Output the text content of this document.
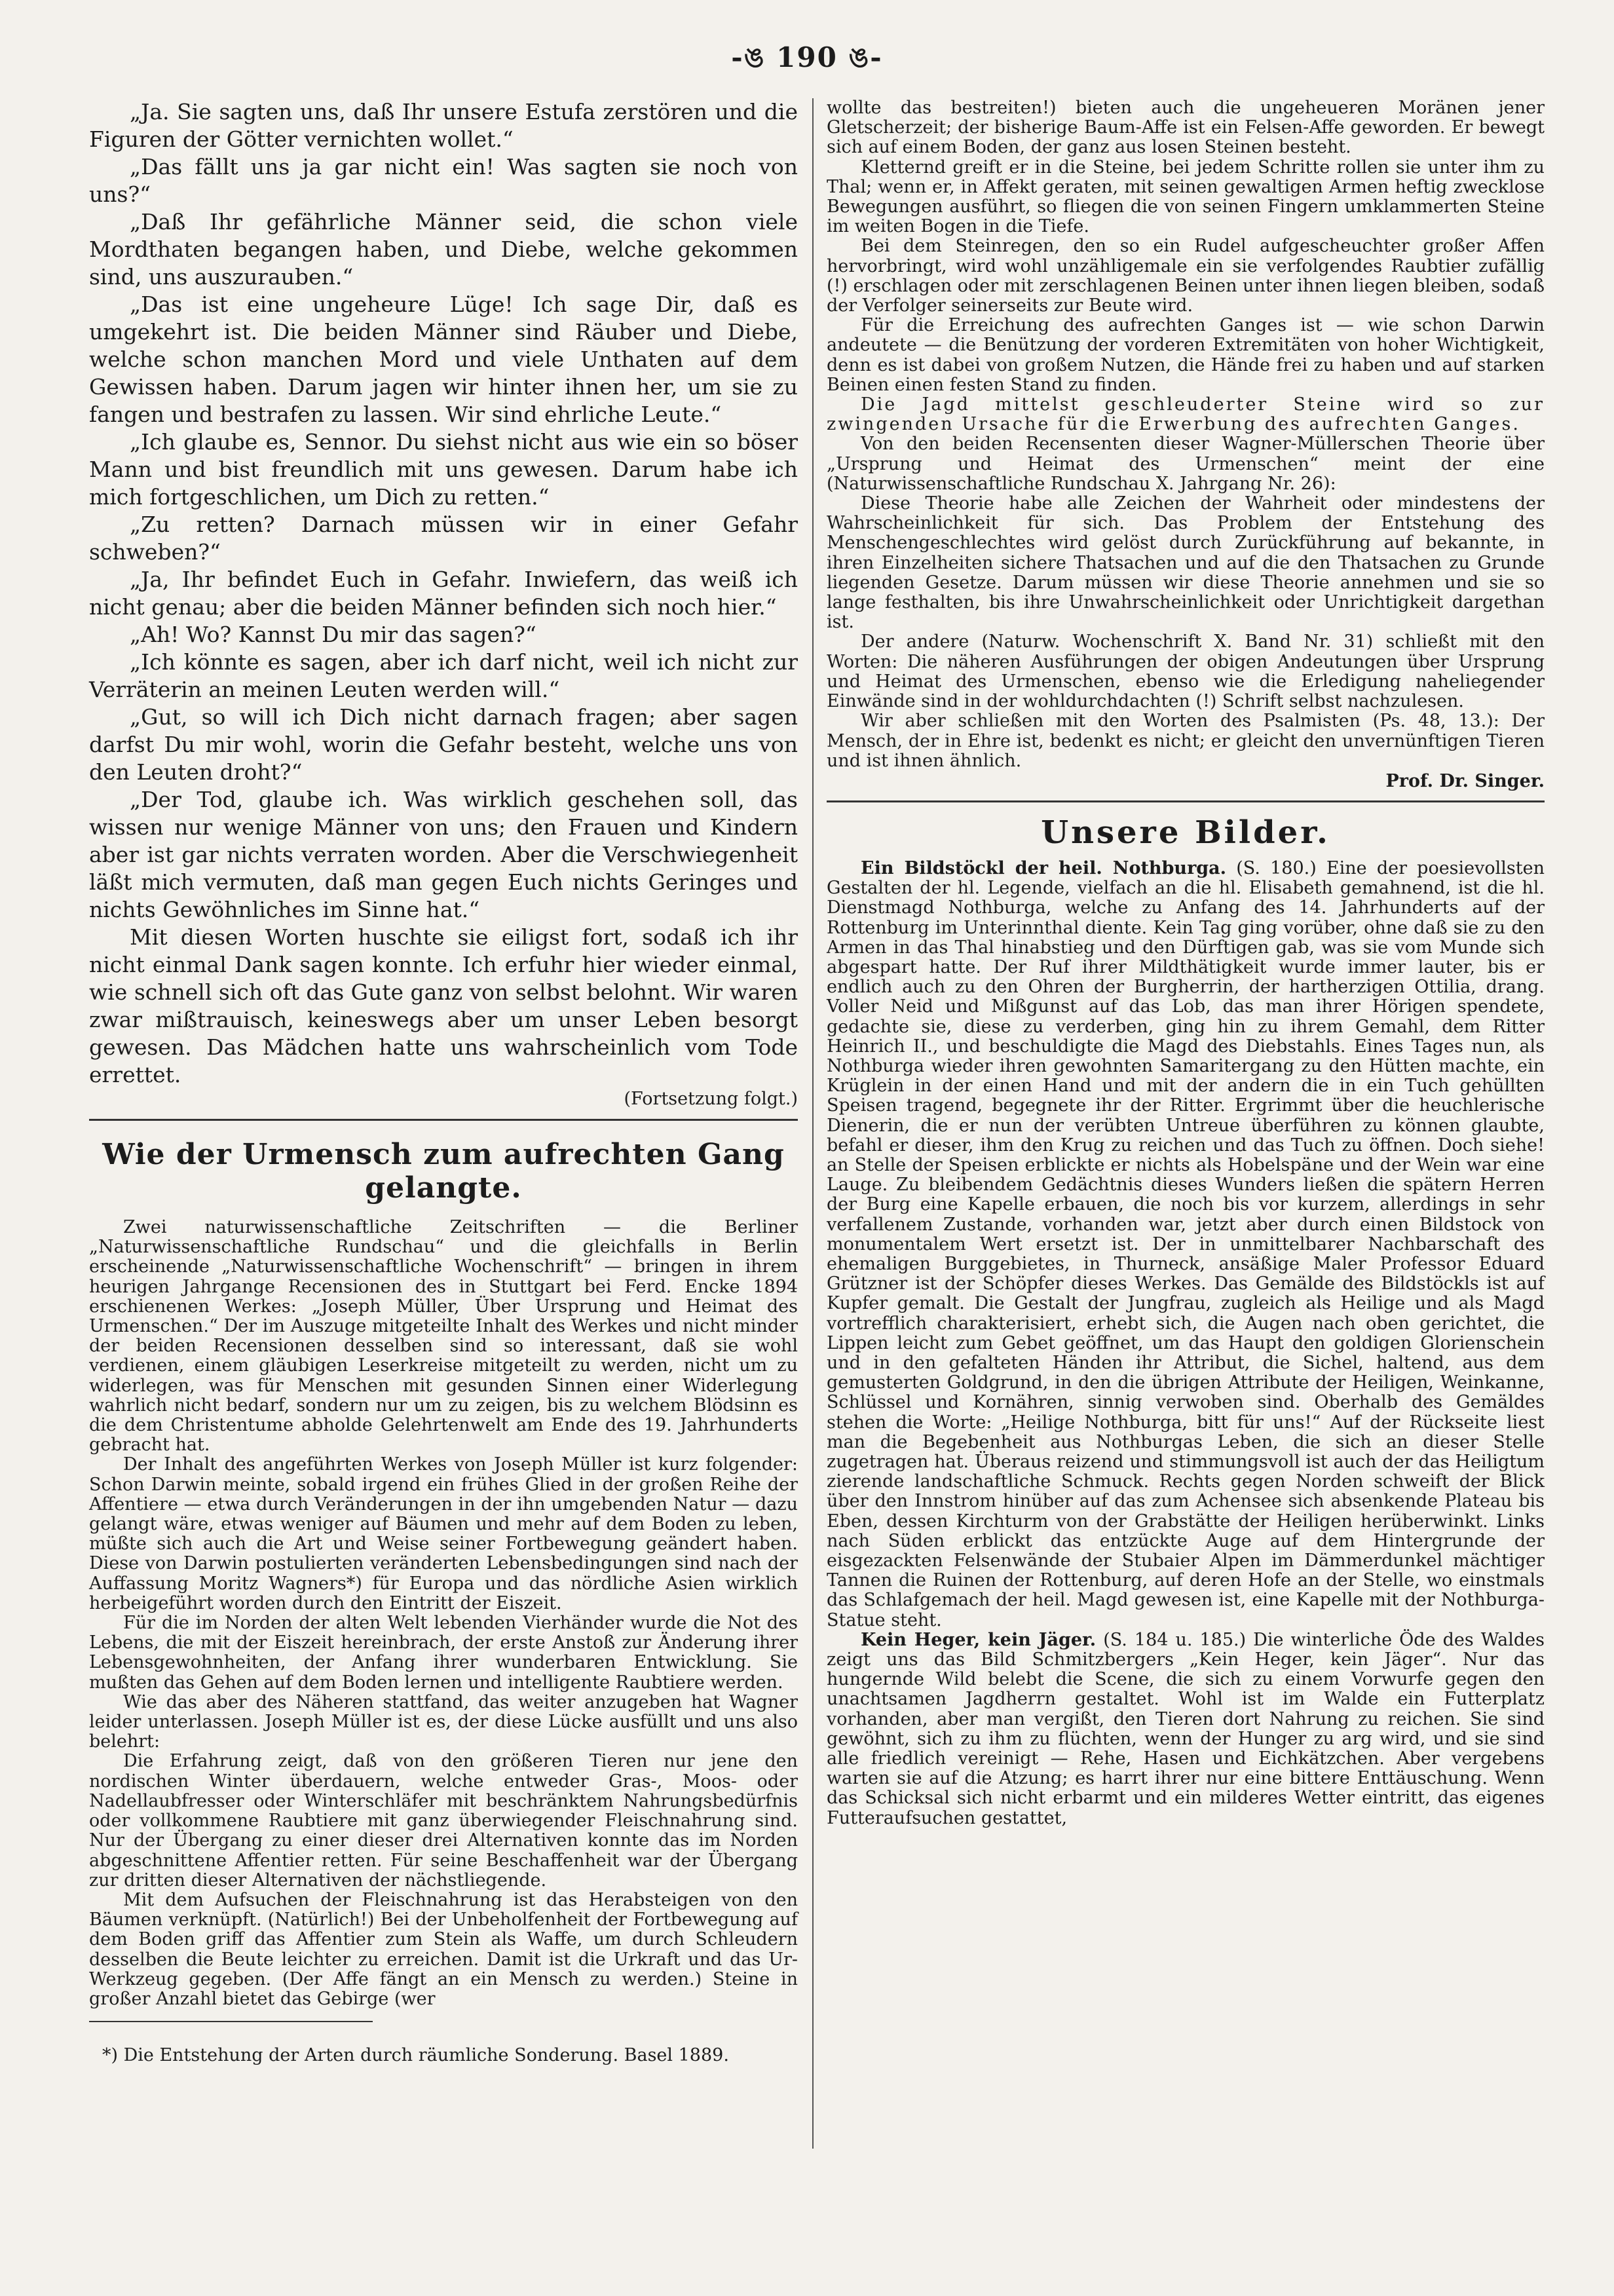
-ঙ 190 ঙ-

„Ja. Sie sagten uns, daß Ihr unsere Estufa zerstören und die Figuren der Götter vernichten wollet.“

„Das fällt uns ja gar nicht ein! Was sagten sie noch von uns?“

„Daß Ihr gefährliche Männer seid, die schon viele Mordthaten begangen haben, und Diebe, welche gekommen sind, uns auszurauben.“

„Das ist eine ungeheure Lüge! Ich sage Dir, daß es umgekehrt ist. Die beiden Männer sind Räuber und Diebe, welche schon manchen Mord und viele Unthaten auf dem Gewissen haben. Darum jagen wir hinter ihnen her, um sie zu fangen und bestrafen zu lassen. Wir sind ehrliche Leute.“

„Ich glaube es, Sennor. Du siehst nicht aus wie ein so böser Mann und bist freundlich mit uns gewesen. Darum habe ich mich fortgeschlichen, um Dich zu retten.“

„Zu retten? Darnach müssen wir in einer Gefahr schweben?“

„Ja, Ihr befindet Euch in Gefahr. Inwiefern, das weiß ich nicht genau; aber die beiden Männer befinden sich noch hier.“

„Ah! Wo? Kannst Du mir das sagen?“

„Ich könnte es sagen, aber ich darf nicht, weil ich nicht zur Verräterin an meinen Leuten werden will.“

„Gut, so will ich Dich nicht darnach fragen; aber sagen darfst Du mir wohl, worin die Gefahr besteht, welche uns von den Leuten droht?“

„Der Tod, glaube ich. Was wirklich geschehen soll, das wissen nur wenige Männer von uns; den Frauen und Kindern aber ist gar nichts verraten worden. Aber die Verschwiegenheit läßt mich vermuten, daß man gegen Euch nichts Geringes und nichts Gewöhnliches im Sinne hat.“

Mit diesen Worten huschte sie eiligst fort, sodaß ich ihr nicht einmal Dank sagen konnte. Ich erfuhr hier wieder einmal, wie schnell sich oft das Gute ganz von selbst belohnt. Wir waren zwar mißtrauisch, keineswegs aber um unser Leben besorgt gewesen. Das Mädchen hatte uns wahrscheinlich vom Tode errettet.

(Fortsetzung folgt.)
Wie der Urmensch zum aufrechten Gang gelangte.

Zwei naturwissenschaftliche Zeitschriften — die Berliner „Naturwissenschaftliche Rundschau“ und die gleichfalls in Berlin erscheinende „Naturwissenschaftliche Wochenschrift“ — bringen in ihrem heurigen Jahrgange Recensionen des in Stuttgart bei Ferd. Encke 1894 erschienenen Werkes: „Joseph Müller, Über Ursprung und Heimat des Urmenschen.“ Der im Auszuge mitgeteilte Inhalt des Werkes und nicht minder der beiden Recensionen desselben sind so interessant, daß sie wohl verdienen, einem gläubigen Leserkreise mitgeteilt zu werden, nicht um zu widerlegen, was für Menschen mit gesunden Sinnen einer Widerlegung wahrlich nicht bedarf, sondern nur um zu zeigen, bis zu welchem Blödsinn es die dem Christentume abholde Gelehrtenwelt am Ende des 19. Jahrhunderts gebracht hat.

Der Inhalt des angeführten Werkes von Joseph Müller ist kurz folgender: Schon Darwin meinte, sobald irgend ein frühes Glied in der großen Reihe der Affentiere — etwa durch Veränderungen in der ihn umgebenden Natur — dazu gelangt wäre, etwas weniger auf Bäumen und mehr auf dem Boden zu leben, müßte sich auch die Art und Weise seiner Fortbewegung geändert haben. Diese von Darwin postulierten veränderten Lebensbedingungen sind nach der Auffassung Moritz Wagners*) für Europa und das nördliche Asien wirklich herbeigeführt worden durch den Eintritt der Eiszeit.

Für die im Norden der alten Welt lebenden Vierhänder wurde die Not des Lebens, die mit der Eiszeit hereinbrach, der erste Anstoß zur Änderung ihrer Lebensgewohnheiten, der Anfang ihrer wunderbaren Entwicklung. Sie mußten das Gehen auf dem Boden lernen und intelligente Raubtiere werden.

Wie das aber des Näheren stattfand, das weiter anzugeben hat Wagner leider unterlassen. Joseph Müller ist es, der diese Lücke ausfüllt und uns also belehrt:

Die Erfahrung zeigt, daß von den größeren Tieren nur jene den nordischen Winter überdauern, welche entweder Gras-, Moos- oder Nadellaubfresser oder Winterschläfer mit beschränktem Nahrungsbedürfnis oder vollkommene Raubtiere mit ganz überwiegender Fleischnahrung sind. Nur der Übergang zu einer dieser drei Alternativen konnte das im Norden abgeschnittene Affentier retten. Für seine Beschaffenheit war der Übergang zur dritten dieser Alternativen der nächstliegende.

Mit dem Aufsuchen der Fleischnahrung ist das Herabsteigen von den Bäumen verknüpft. (Natürlich!) Bei der Unbeholfenheit der Fortbewegung auf dem Boden griff das Affentier zum Stein als Waffe, um durch Schleudern desselben die Beute leichter zu erreichen. Damit ist die Urkraft und das Ur-Werkzeug gegeben. (Der Affe fängt an ein Mensch zu werden.) Steine in großer Anzahl bietet das Gebirge (wer

*) Die Entstehung der Arten durch räumliche Sonderung. Basel 1889.

wollte das bestreiten!) bieten auch die ungeheueren Moränen jener Gletscherzeit; der bisherige Baum-Affe ist ein Felsen-Affe geworden. Er bewegt sich auf einem Boden, der ganz aus losen Steinen besteht.

Kletternd greift er in die Steine, bei jedem Schritte rollen sie unter ihm zu Thal; wenn er, in Affekt geraten, mit seinen gewaltigen Armen heftig zwecklose Bewegungen ausführt, so fliegen die von seinen Fingern umklammerten Steine im weiten Bogen in die Tiefe.

Bei dem Steinregen, den so ein Rudel aufgescheuchter großer Affen hervorbringt, wird wohl unzähligemale ein sie verfolgendes Raubtier zufällig (!) erschlagen oder mit zerschlagenen Beinen unter ihnen liegen bleiben, sodaß der Verfolger seinerseits zur Beute wird.

Für die Erreichung des aufrechten Ganges ist — wie schon Darwin andeutete — die Benützung der vorderen Extremitäten von hoher Wichtigkeit, denn es ist dabei von großem Nutzen, die Hände frei zu haben und auf starken Beinen einen festen Stand zu finden.

Die Jagd mittelst geschleuderter Steine wird so zur zwingenden Ursache für die Erwerbung des aufrechten Ganges.

Von den beiden Recensenten dieser Wagner-Müllerschen Theorie über „Ursprung und Heimat des Urmenschen“ meint der eine (Naturwissenschaftliche Rundschau X. Jahrgang Nr. 26):

Diese Theorie habe alle Zeichen der Wahrheit oder mindestens der Wahrscheinlichkeit für sich. Das Problem der Entstehung des Menschengeschlechtes wird gelöst durch Zurückführung auf bekannte, in ihren Einzelheiten sichere Thatsachen und auf die den Thatsachen zu Grunde liegenden Gesetze. Darum müssen wir diese Theorie annehmen und sie so lange festhalten, bis ihre Unwahrscheinlichkeit oder Unrichtigkeit dargethan ist.

Der andere (Naturw. Wochenschrift X. Band Nr. 31) schließt mit den Worten: Die näheren Ausführungen der obigen Andeutungen über Ursprung und Heimat des Urmenschen, ebenso wie die Erledigung naheliegender Einwände sind in der wohldurchdachten (!) Schrift selbst nachzulesen.

Wir aber schließen mit den Worten des Psalmisten (Ps. 48, 13.): Der Mensch, der in Ehre ist, bedenkt es nicht; er gleicht den unvernünftigen Tieren und ist ihnen ähnlich.

Prof. Dr. Singer.
Unsere Bilder.

Ein Bildstöckl der heil. Nothburga. (S. 180.) Eine der poesievollsten Gestalten der hl. Legende, vielfach an die hl. Elisabeth gemahnend, ist die hl. Dienstmagd Nothburga, welche zu Anfang des 14. Jahrhunderts auf der Rottenburg im Unterinnthal diente. Kein Tag ging vorüber, ohne daß sie zu den Armen in das Thal hinabstieg und den Dürftigen gab, was sie vom Munde sich abgespart hatte. Der Ruf ihrer Mildthätigkeit wurde immer lauter, bis er endlich auch zu den Ohren der Burgherrin, der hartherzigen Ottilia, drang. Voller Neid und Mißgunst auf das Lob, das man ihrer Hörigen spendete, gedachte sie, diese zu verderben, ging hin zu ihrem Gemahl, dem Ritter Heinrich II., und beschuldigte die Magd des Diebstahls. Eines Tages nun, als Nothburga wieder ihren gewohnten Samaritergang zu den Hütten machte, ein Krüglein in der einen Hand und mit der andern die in ein Tuch gehüllten Speisen tragend, begegnete ihr der Ritter. Ergrimmt über die heuchlerische Dienerin, die er nun der verübten Untreue überführen zu können glaubte, befahl er dieser, ihm den Krug zu reichen und das Tuch zu öffnen. Doch siehe! an Stelle der Speisen erblickte er nichts als Hobelspäne und der Wein war eine Lauge. Zu bleibendem Gedächtnis dieses Wunders ließen die spätern Herren der Burg eine Kapelle erbauen, die noch bis vor kurzem, allerdings in sehr verfallenem Zustande, vorhanden war, jetzt aber durch einen Bildstock von monumentalem Wert ersetzt ist. Der in unmittelbarer Nachbarschaft des ehemaligen Burggebietes, in Thurneck, ansäßige Maler Professor Eduard Grützner ist der Schöpfer dieses Werkes. Das Gemälde des Bildstöckls ist auf Kupfer gemalt. Die Gestalt der Jungfrau, zugleich als Heilige und als Magd vortrefflich charakterisiert, erhebt sich, die Augen nach oben gerichtet, die Lippen leicht zum Gebet geöffnet, um das Haupt den goldigen Glorienschein und in den gefalteten Händen ihr Attribut, die Sichel, haltend, aus dem gemusterten Goldgrund, in den die übrigen Attribute der Heiligen, Weinkanne, Schlüssel und Kornähren, sinnig verwoben sind. Oberhalb des Gemäldes stehen die Worte: „Heilige Nothburga, bitt für uns!“ Auf der Rückseite liest man die Begebenheit aus Nothburgas Leben, die sich an dieser Stelle zugetragen hat. Überaus reizend und stimmungsvoll ist auch der das Heiligtum zierende landschaftliche Schmuck. Rechts gegen Norden schweift der Blick über den Innstrom hinüber auf das zum Achensee sich absenkende Plateau bis Eben, dessen Kirchturm von der Grabstätte der Heiligen herüberwinkt. Links nach Süden erblickt das entzückte Auge auf dem Hintergrunde der eisgezackten Felsenwände der Stubaier Alpen im Dämmerdunkel mächtiger Tannen die Ruinen der Rottenburg, auf deren Hofe an der Stelle, wo einstmals das Schlafgemach der heil. Magd gewesen ist, eine Kapelle mit der Nothburga-Statue steht.

Kein Heger, kein Jäger. (S. 184 u. 185.) Die winterliche Öde des Waldes zeigt uns das Bild Schmitzbergers „Kein Heger, kein Jäger“. Nur das hungernde Wild belebt die Scene, die sich zu einem Vorwurfe gegen den unachtsamen Jagdherrn gestaltet. Wohl ist im Walde ein Futterplatz vorhanden, aber man vergißt, den Tieren dort Nahrung zu reichen. Sie sind gewöhnt, sich zu ihm zu flüchten, wenn der Hunger zu arg wird, und sie sind alle friedlich vereinigt — Rehe, Hasen und Eichkätzchen. Aber vergebens warten sie auf die Atzung; es harrt ihrer nur eine bittere Enttäuschung. Wenn das Schicksal sich nicht erbarmt und ein milderes Wetter eintritt, das eigenes Futteraufsuchen gestattet,
